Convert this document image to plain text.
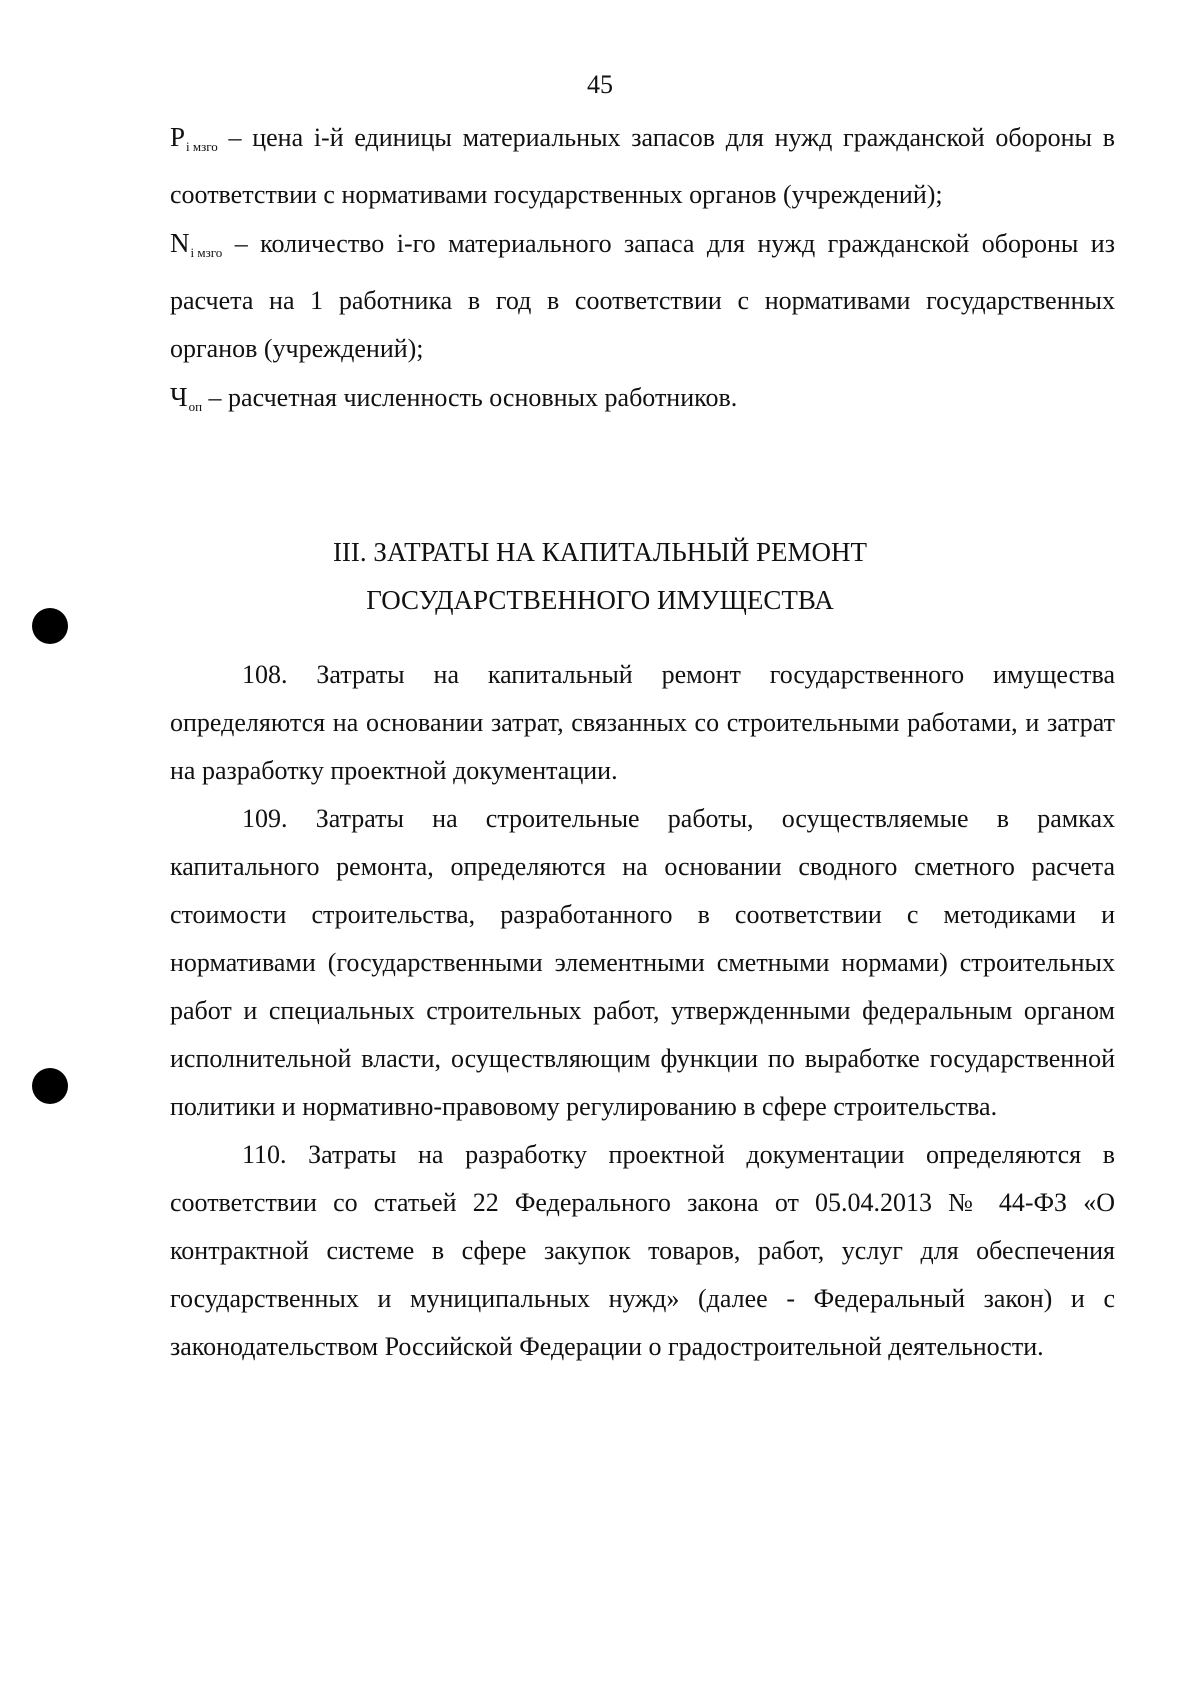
45

$P_{i мзго}$ – цена i-й единицы материальных запасов для нужд гражданской обороны в соответствии с нормативами государственных органов (учреждений);

$N_{i мзго}$ – количество i-го материального запаса для нужд гражданской обороны из расчета на 1 работника в год в соответствии с нормативами государственных органов (учреждений);

$Ч_{оп}$ – расчетная численность основных работников.

III. ЗАТРАТЫ НА КАПИТАЛЬНЫЙ РЕМОНТ
ГОСУДАРСТВЕННОГО ИМУЩЕСТВА

108. Затраты на капитальный ремонт государственного имущества определяются на основании затрат, связанных со строительными работами, и затрат на разработку проектной документации.

109. Затраты на строительные работы, осуществляемые в рамках капитального ремонта, определяются на основании сводного сметного расчета стоимости строительства, разработанного в соответствии с методиками и нормативами (государственными элементными сметными нормами) строительных работ и специальных строительных работ, утвержденными федеральным органом исполнительной власти, осуществляющим функции по выработке государственной политики и нормативно-правовому регулированию в сфере строительства.

110. Затраты на разработку проектной документации определяются в соответствии со статьей 22 Федерального закона от 05.04.2013 № 44-ФЗ «О контрактной системе в сфере закупок товаров, работ, услуг для обеспечения государственных и муниципальных нужд» (далее - Федеральный закон) и с законодательством Российской Федерации о градостроительной деятельности.
